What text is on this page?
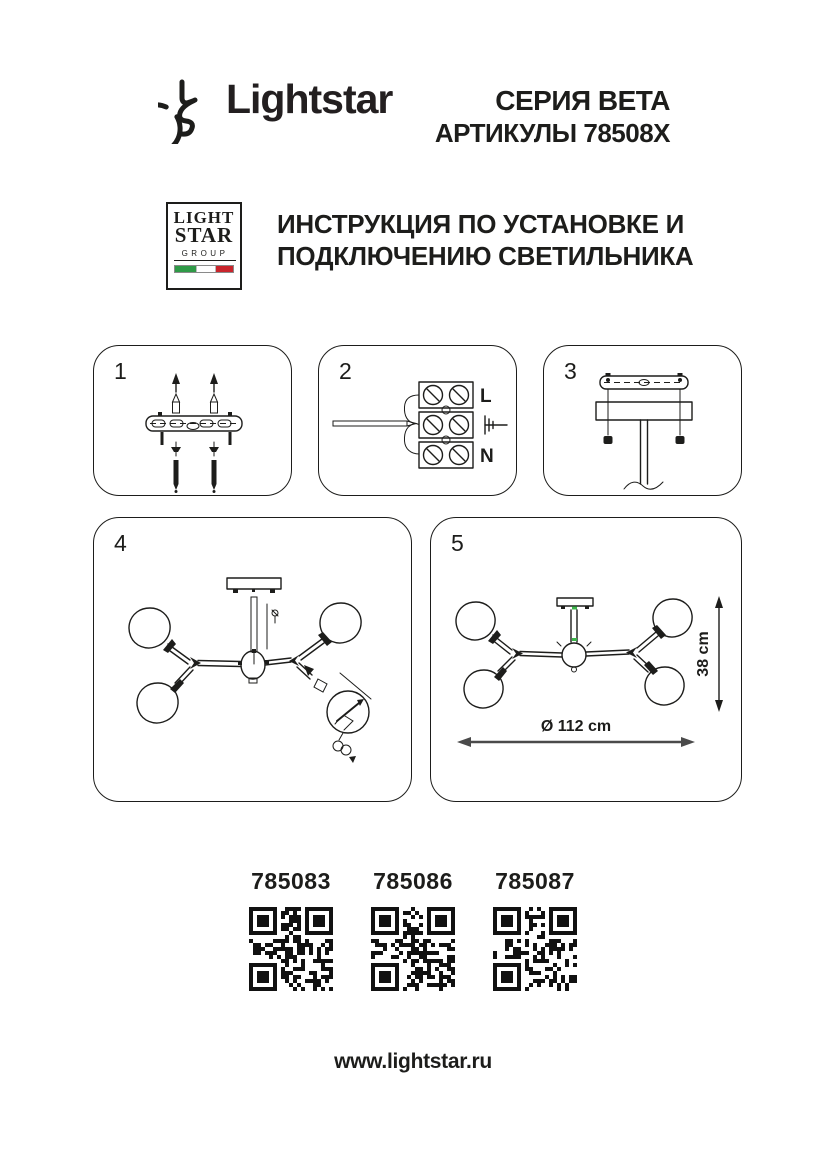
Lightstar	СЕРИЯ BETA
АРТИКУЛЫ 78508X
LIGHT
STAR
GROUP
ИНСТРУКЦИЯ ПО УСТАНОВКЕ И
ПОДКЛЮЧЕНИЮ СВЕТИЛЬНИКА
1	2
L
N
3
4	5
38 cm
Ø 112 cm
785083 785086 785087
www.lightstar.ru
